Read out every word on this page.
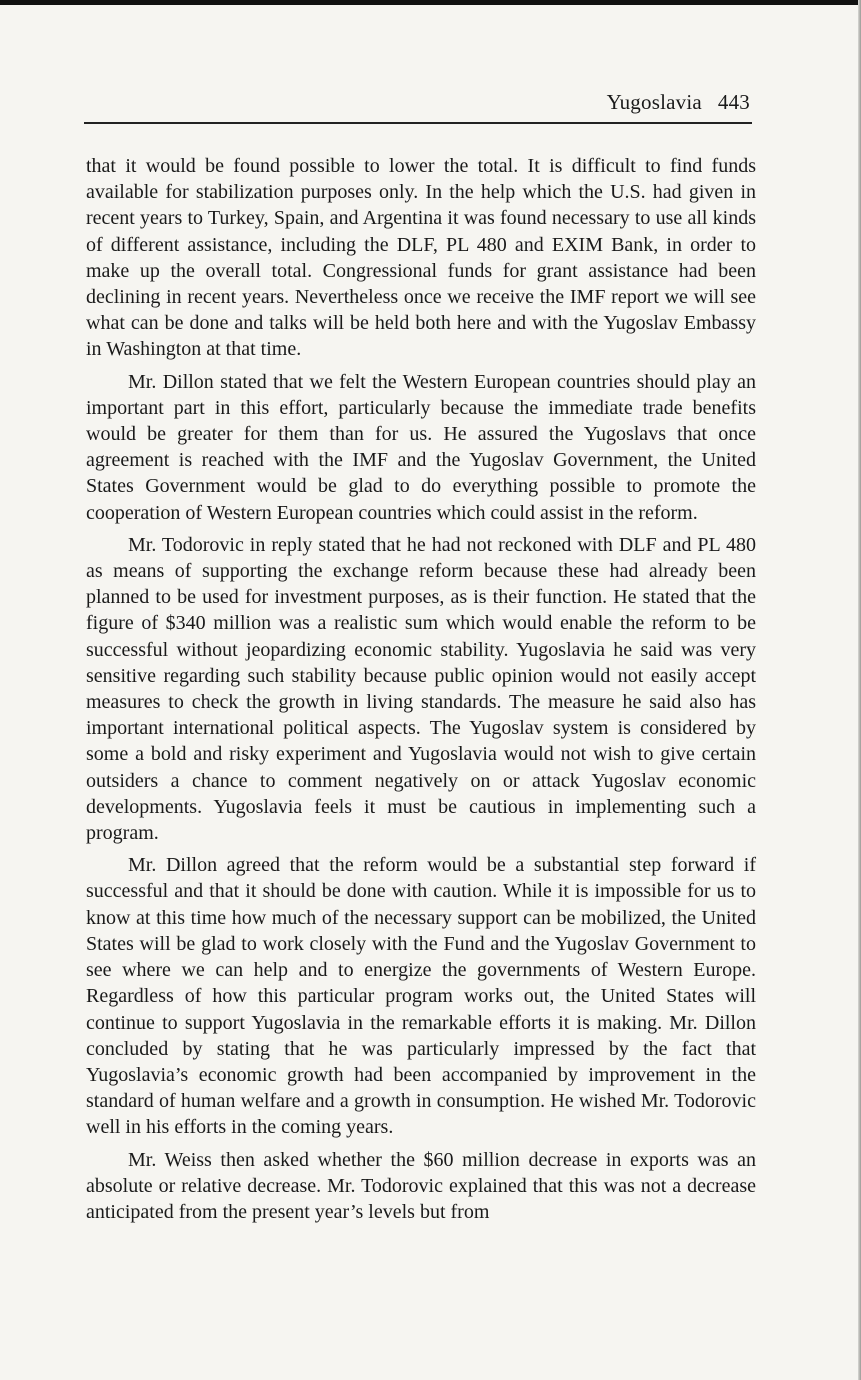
Yugoslavia 443

that it would be found possible to lower the total. It is difficult to find funds available for stabilization purposes only. In the help which the U.S. had given in recent years to Turkey, Spain, and Argentina it was found necessary to use all kinds of different assistance, including the DLF, PL 480 and EXIM Bank, in order to make up the overall total. Congressional funds for grant assistance had been declining in recent years. Nevertheless once we receive the IMF report we will see what can be done and talks will be held both here and with the Yugoslav Embassy in Washington at that time.

Mr. Dillon stated that we felt the Western European countries should play an important part in this effort, particularly because the immediate trade benefits would be greater for them than for us. He assured the Yugoslavs that once agreement is reached with the IMF and the Yugoslav Government, the United States Government would be glad to do everything possible to promote the cooperation of Western European countries which could assist in the reform.

Mr. Todorovic in reply stated that he had not reckoned with DLF and PL 480 as means of supporting the exchange reform because these had already been planned to be used for investment purposes, as is their function. He stated that the figure of $340 million was a realistic sum which would enable the reform to be successful without jeopardizing economic stability. Yugoslavia he said was very sensitive regarding such stability because public opinion would not easily accept measures to check the growth in living standards. The measure he said also has important international political aspects. The Yugoslav system is considered by some a bold and risky experiment and Yugoslavia would not wish to give certain outsiders a chance to comment negatively on or attack Yugoslav economic developments. Yugoslavia feels it must be cautious in implementing such a program.

Mr. Dillon agreed that the reform would be a substantial step forward if successful and that it should be done with caution. While it is impossible for us to know at this time how much of the necessary support can be mobilized, the United States will be glad to work closely with the Fund and the Yugoslav Government to see where we can help and to energize the governments of Western Europe. Regardless of how this particular program works out, the United States will continue to support Yugoslavia in the remarkable efforts it is making. Mr. Dillon concluded by stating that he was particularly impressed by the fact that Yugoslavia’s economic growth had been accompanied by improvement in the standard of human welfare and a growth in consumption. He wished Mr. Todorovic well in his efforts in the coming years.

Mr. Weiss then asked whether the $60 million decrease in exports was an absolute or relative decrease. Mr. Todorovic explained that this was not a decrease anticipated from the present year’s levels but from
